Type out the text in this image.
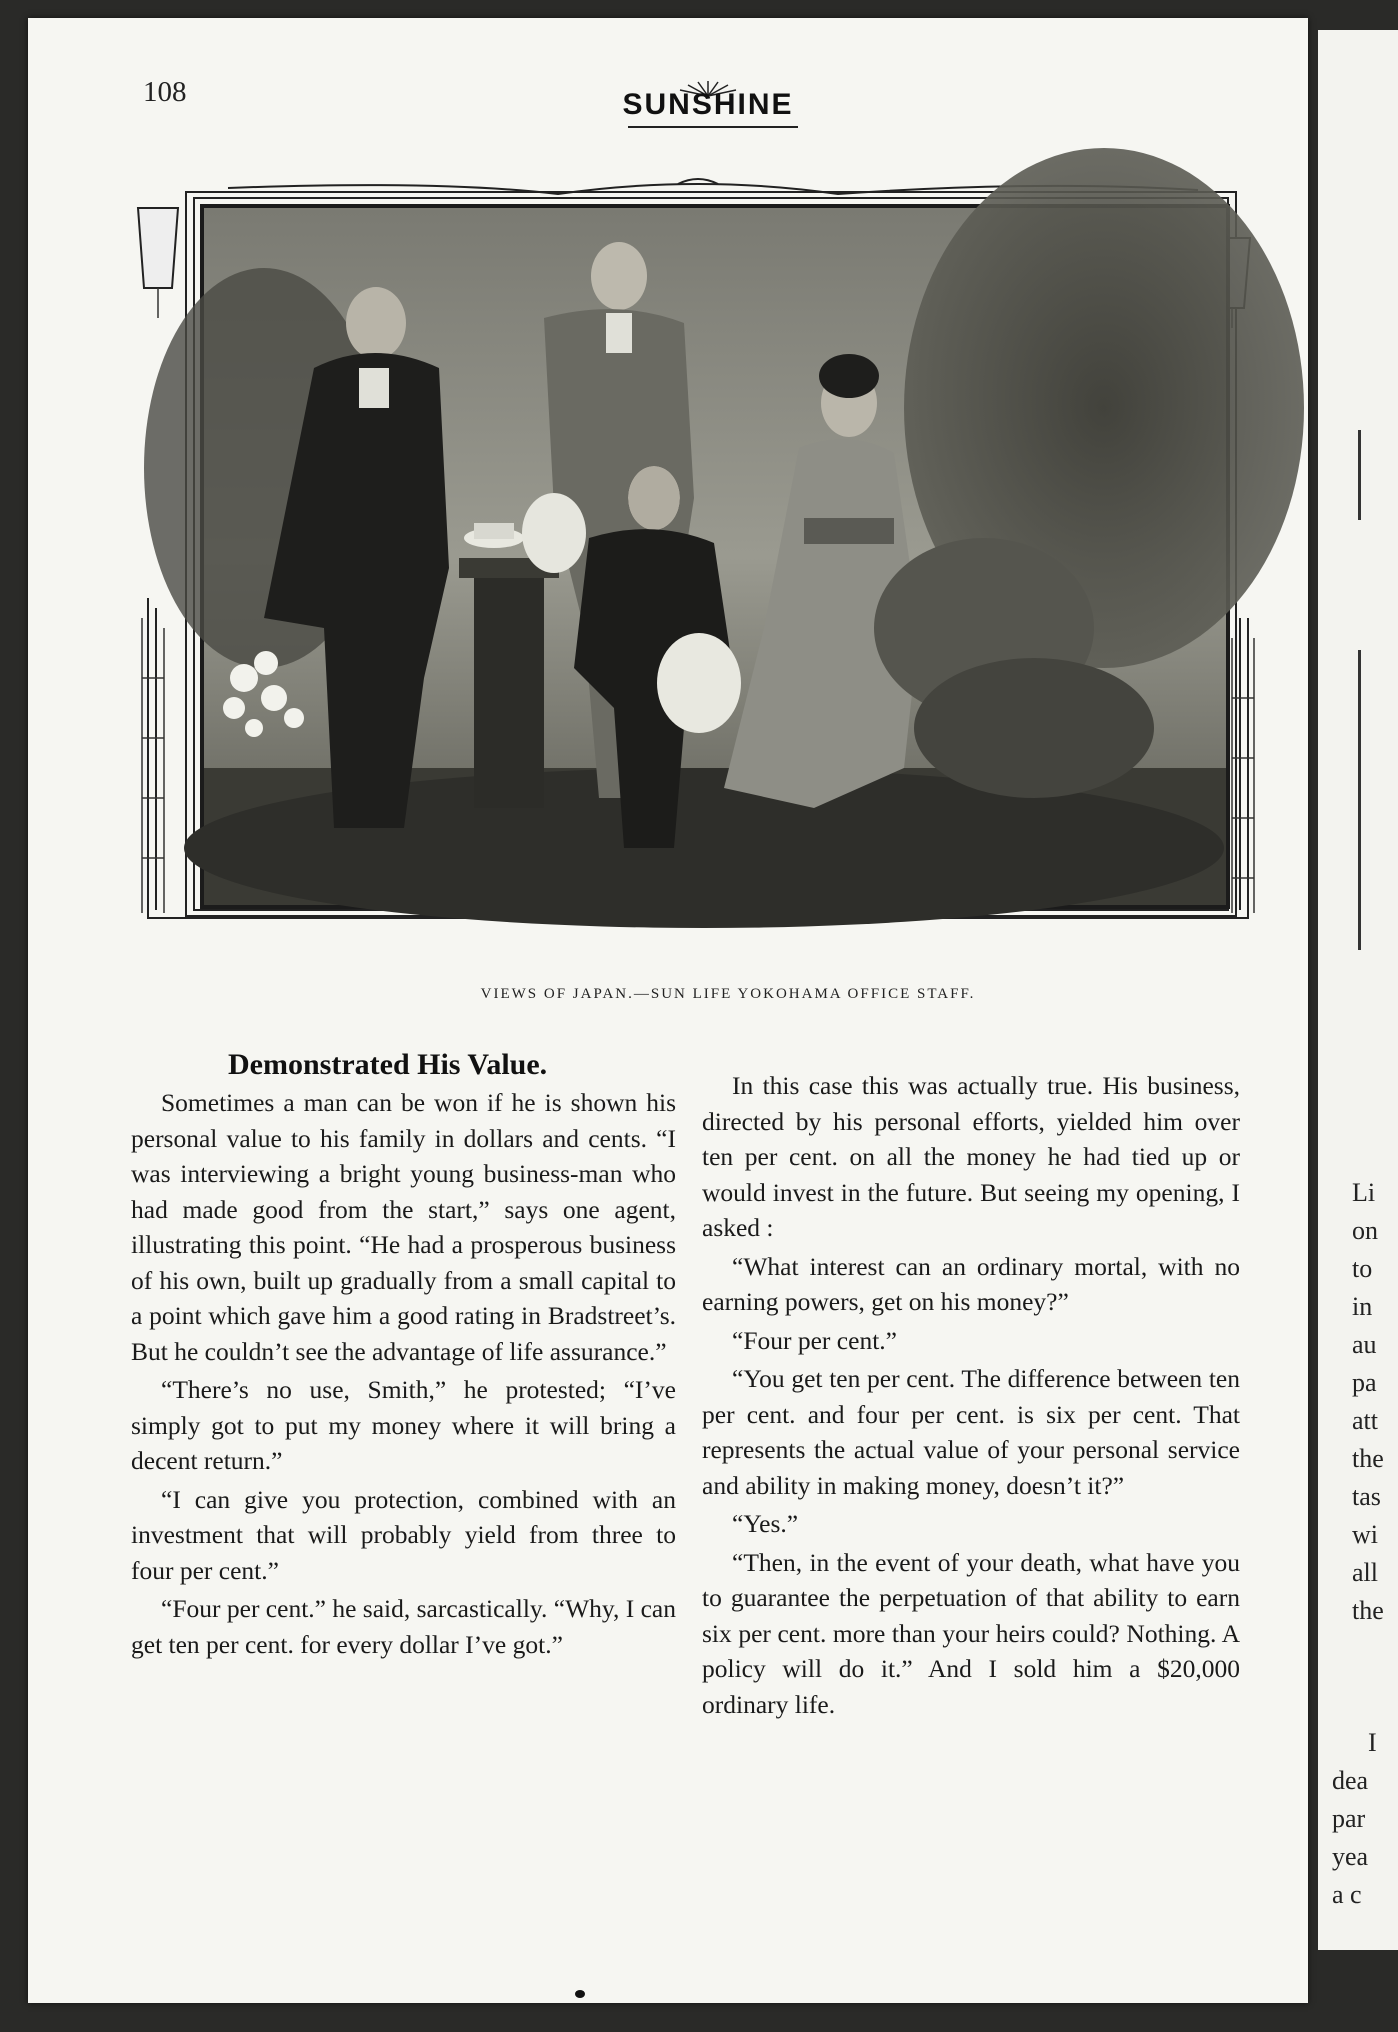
108	SUNSHINE
VIEWS OF JAPAN.—SUN LIFE YOKOHAMA OFFICE STAFF.
Demonstrated His Value.

Sometimes a man can be won if he is shown his personal value to his family in dollars and cents. “I was interviewing a bright young business-man who had made good from the start,” says one agent, illustrating this point. “He had a prosperous business of his own, built up gradually from a small capital to a point which gave him a good rating in Bradstreet’s. But he couldn’t see the advantage of life assurance.”

“There’s no use, Smith,” he protested; “I’ve simply got to put my money where it will bring a decent return.”

“I can give you protection, combined with an investment that will probably yield from three to four per cent.”

“Four per cent.” he said, sarcastically. “Why, I can get ten per cent. for every dollar I’ve got.”

In this case this was actually true. His business, directed by his personal efforts, yielded him over ten per cent. on all the money he had tied up or would invest in the future. But seeing my opening, I asked :

“What interest can an ordinary mortal, with no earning powers, get on his money?”

“Four per cent.”

“You get ten per cent. The difference between ten per cent. and four per cent. is six per cent. That represents the actual value of your personal service and ability in making money, doesn’t it?”

“Yes.”

“Then, in the event of your death, what have you to guarantee the perpetuation of that ability to earn six per cent. more than your heirs could? Nothing. A policy will do it.” And I sold him a $20,000 ordinary life.

Li
on
to
in
au
pa
att
the
tas
wi
all
the
I
dea
par
yea
a c
